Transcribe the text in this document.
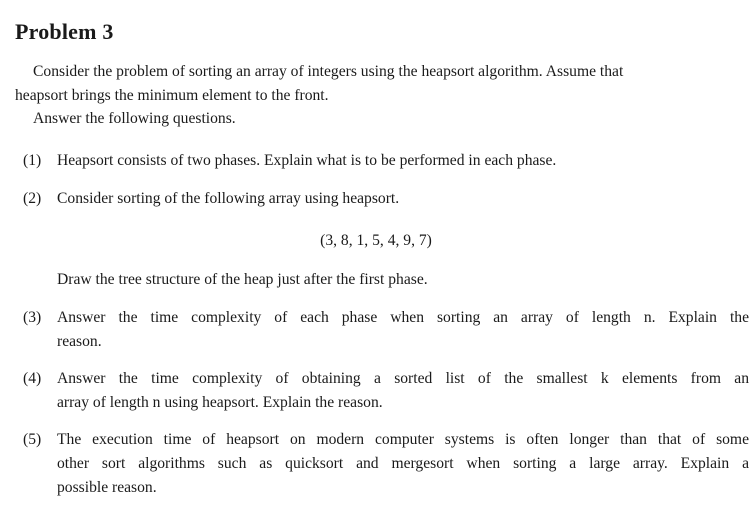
Problem 3
Consider the problem of sorting an array of integers using the heapsort algorithm. Assume that
heapsort brings the minimum element to the front.
Answer the following questions.
(1) Heapsort consists of two phases. Explain what is to be performed in each phase.
(2) Consider sorting of the following array using heapsort.
(3, 8, 1, 5, 4, 9, 7)
Draw the tree structure of the heap just after the first phase.
(3) Answer the time complexity of each phase when sorting an array of length n. Explain the
reason.
(4) Answer the time complexity of obtaining a sorted list of the smallest k elements from an
array of length n using heapsort. Explain the reason.
(5) The execution time of heapsort on modern computer systems is often longer than that of some
other sort algorithms such as quicksort and mergesort when sorting a large array. Explain a
possible reason.
